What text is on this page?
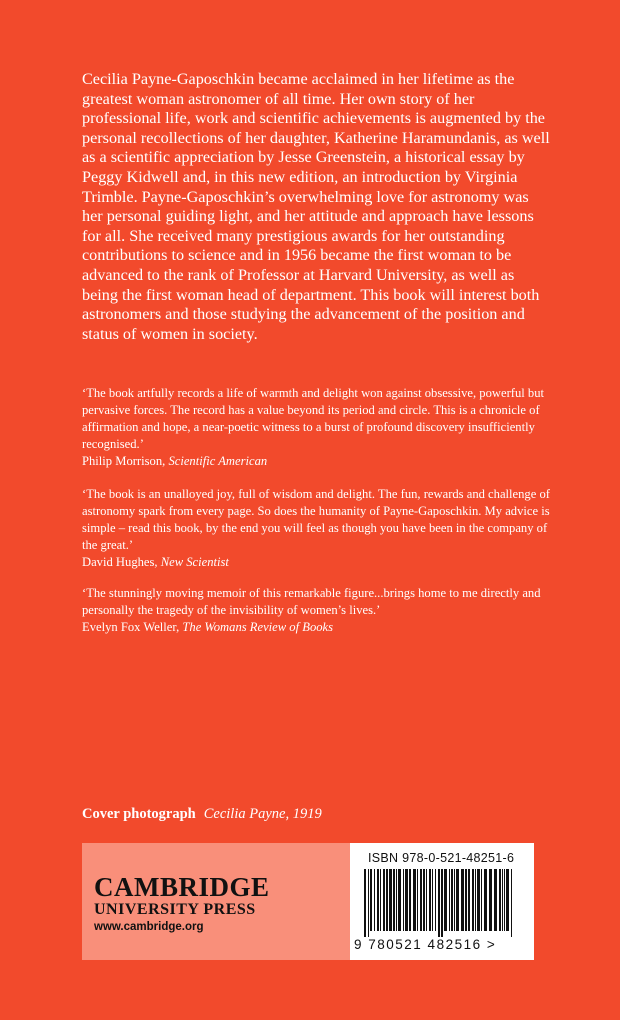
Cecilia Payne-Gaposchkin became acclaimed in her lifetime as the greatest woman astronomer of all time. Her own story of her professional life, work and scientific achievements is augmented by the personal recollections of her daughter, Katherine Haramundanis, as well as a scientific appreciation by Jesse Greenstein, a historical essay by Peggy Kidwell and, in this new edition, an introduction by Virginia Trimble. Payne-Gaposchkin’s overwhelming love for astronomy was her personal guiding light, and her attitude and approach have lessons for all. She received many prestigious awards for her outstanding contributions to science and in 1956 became the first woman to be advanced to the rank of Professor at Harvard University, as well as being the first woman head of department. This book will interest both astronomers and those studying the advancement of the position and status of women in society.

‘The book artfully records a life of warmth and delight won against obsessive, powerful but pervasive forces. The record has a value beyond its period and circle. This is a chronicle of affirmation and hope, a near-poetic witness to a burst of profound discovery insufficiently recognised.’
Philip Morrison, Scientific American

‘The book is an unalloyed joy, full of wisdom and delight. The fun, rewards and challenge of astronomy spark from every page. So does the humanity of Payne-Gaposchkin. My advice is simple – read this book, by the end you will feel as though you have been in the company of the great.’
David Hughes, New Scientist

‘The stunningly moving memoir of this remarkable figure...brings home to me directly and personally the tragedy of the invisibility of women’s lives.’
Evelyn Fox Weller, The Womans Review of Books

Cover photograph Cecilia Payne, 1919
CAMBRIDGE
UNIVERSITY PRESS
www.cambridge.org
ISBN 978-0-521-48251-6
9 780521 482516 >
